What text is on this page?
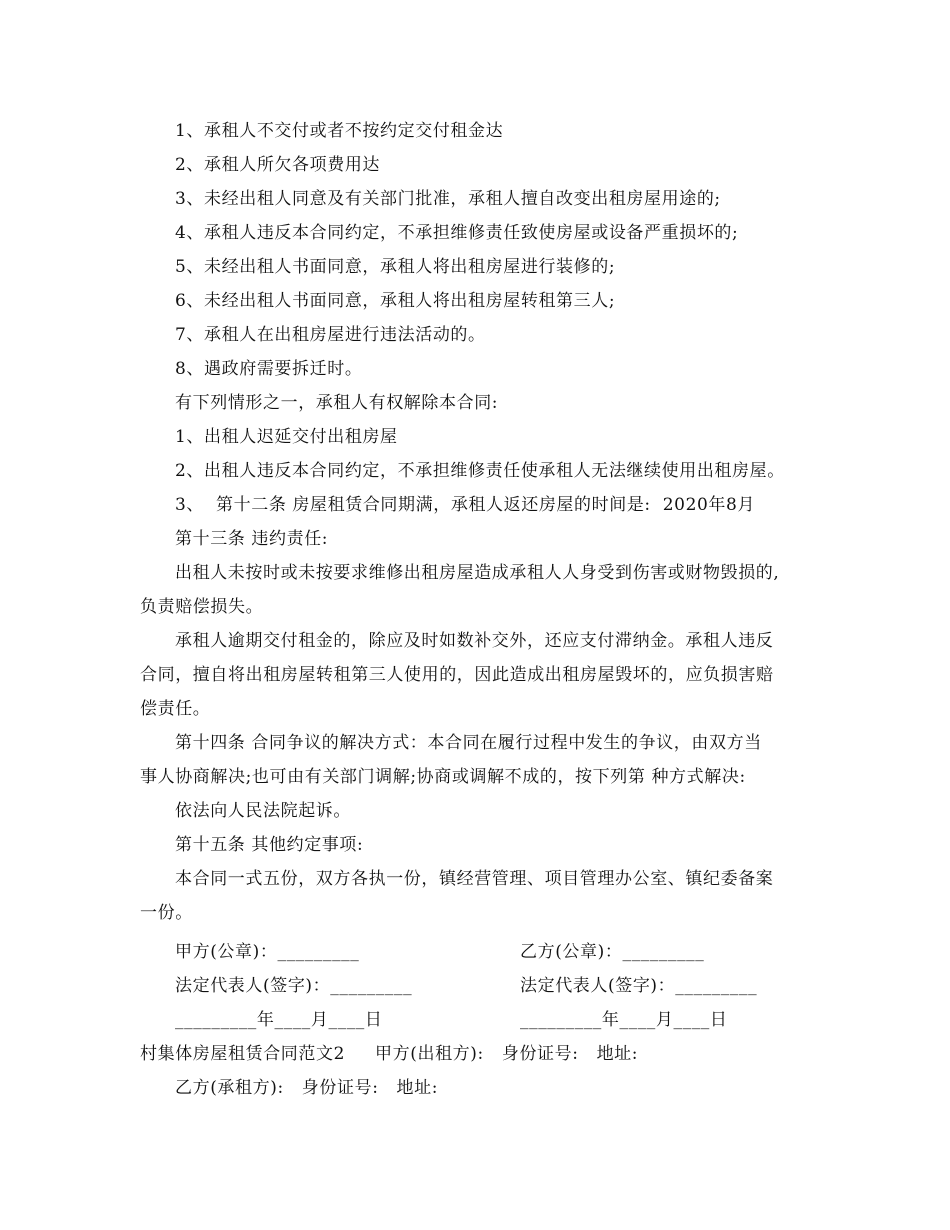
1、承租人不交付或者不按约定交付租金达
2、承租人所欠各项费用达
3、未经出租人同意及有关部门批准，承租人擅自改变出租房屋用途的;
4、承租人违反本合同约定，不承担维修责任致使房屋或设备严重损坏的;
5、未经出租人书面同意，承租人将出租房屋进行装修的;
6、未经出租人书面同意，承租人将出租房屋转租第三人;
7、承租人在出租房屋进行违法活动的。
8、遇政府需要拆迁时。
有下列情形之一，承租人有权解除本合同:
1、出租人迟延交付出租房屋
2、出租人违反本合同约定，不承担维修责任使承租人无法继续使用出租房屋。
3、  第十二条 房屋租赁合同期满，承租人返还房屋的时间是:  2020年8月
第十三条 违约责任:
出租人未按时或未按要求维修出租房屋造成承租人人身受到伤害或财物毁损的,
负责赔偿损失。
承租人逾期交付租金的，除应及时如数补交外，还应支付滞纳金。承租人违反
合同，擅自将出租房屋转租第三人使用的，因此造成出租房屋毁坏的，应负损害赔
偿责任。
第十四条 合同争议的解决方式：本合同在履行过程中发生的争议，由双方当
事人协商解决;也可由有关部门调解;协商或调解不成的，按下列第 种方式解决:
依法向人民法院起诉。
第十五条 其他约定事项:
本合同一式五份，双方各执一份，镇经营管理、项目管理办公室、镇纪委备案
一份。
甲方(公章)：_________	乙方(公章)：_________
法定代表人(签字)：_________	法定代表人(签字)：_________
_________年____月____日	_________年____月____日
村集体房屋租赁合同范文2     甲方(出租方):   身份证号:   地址:
乙方(承租方):   身份证号:   地址:
